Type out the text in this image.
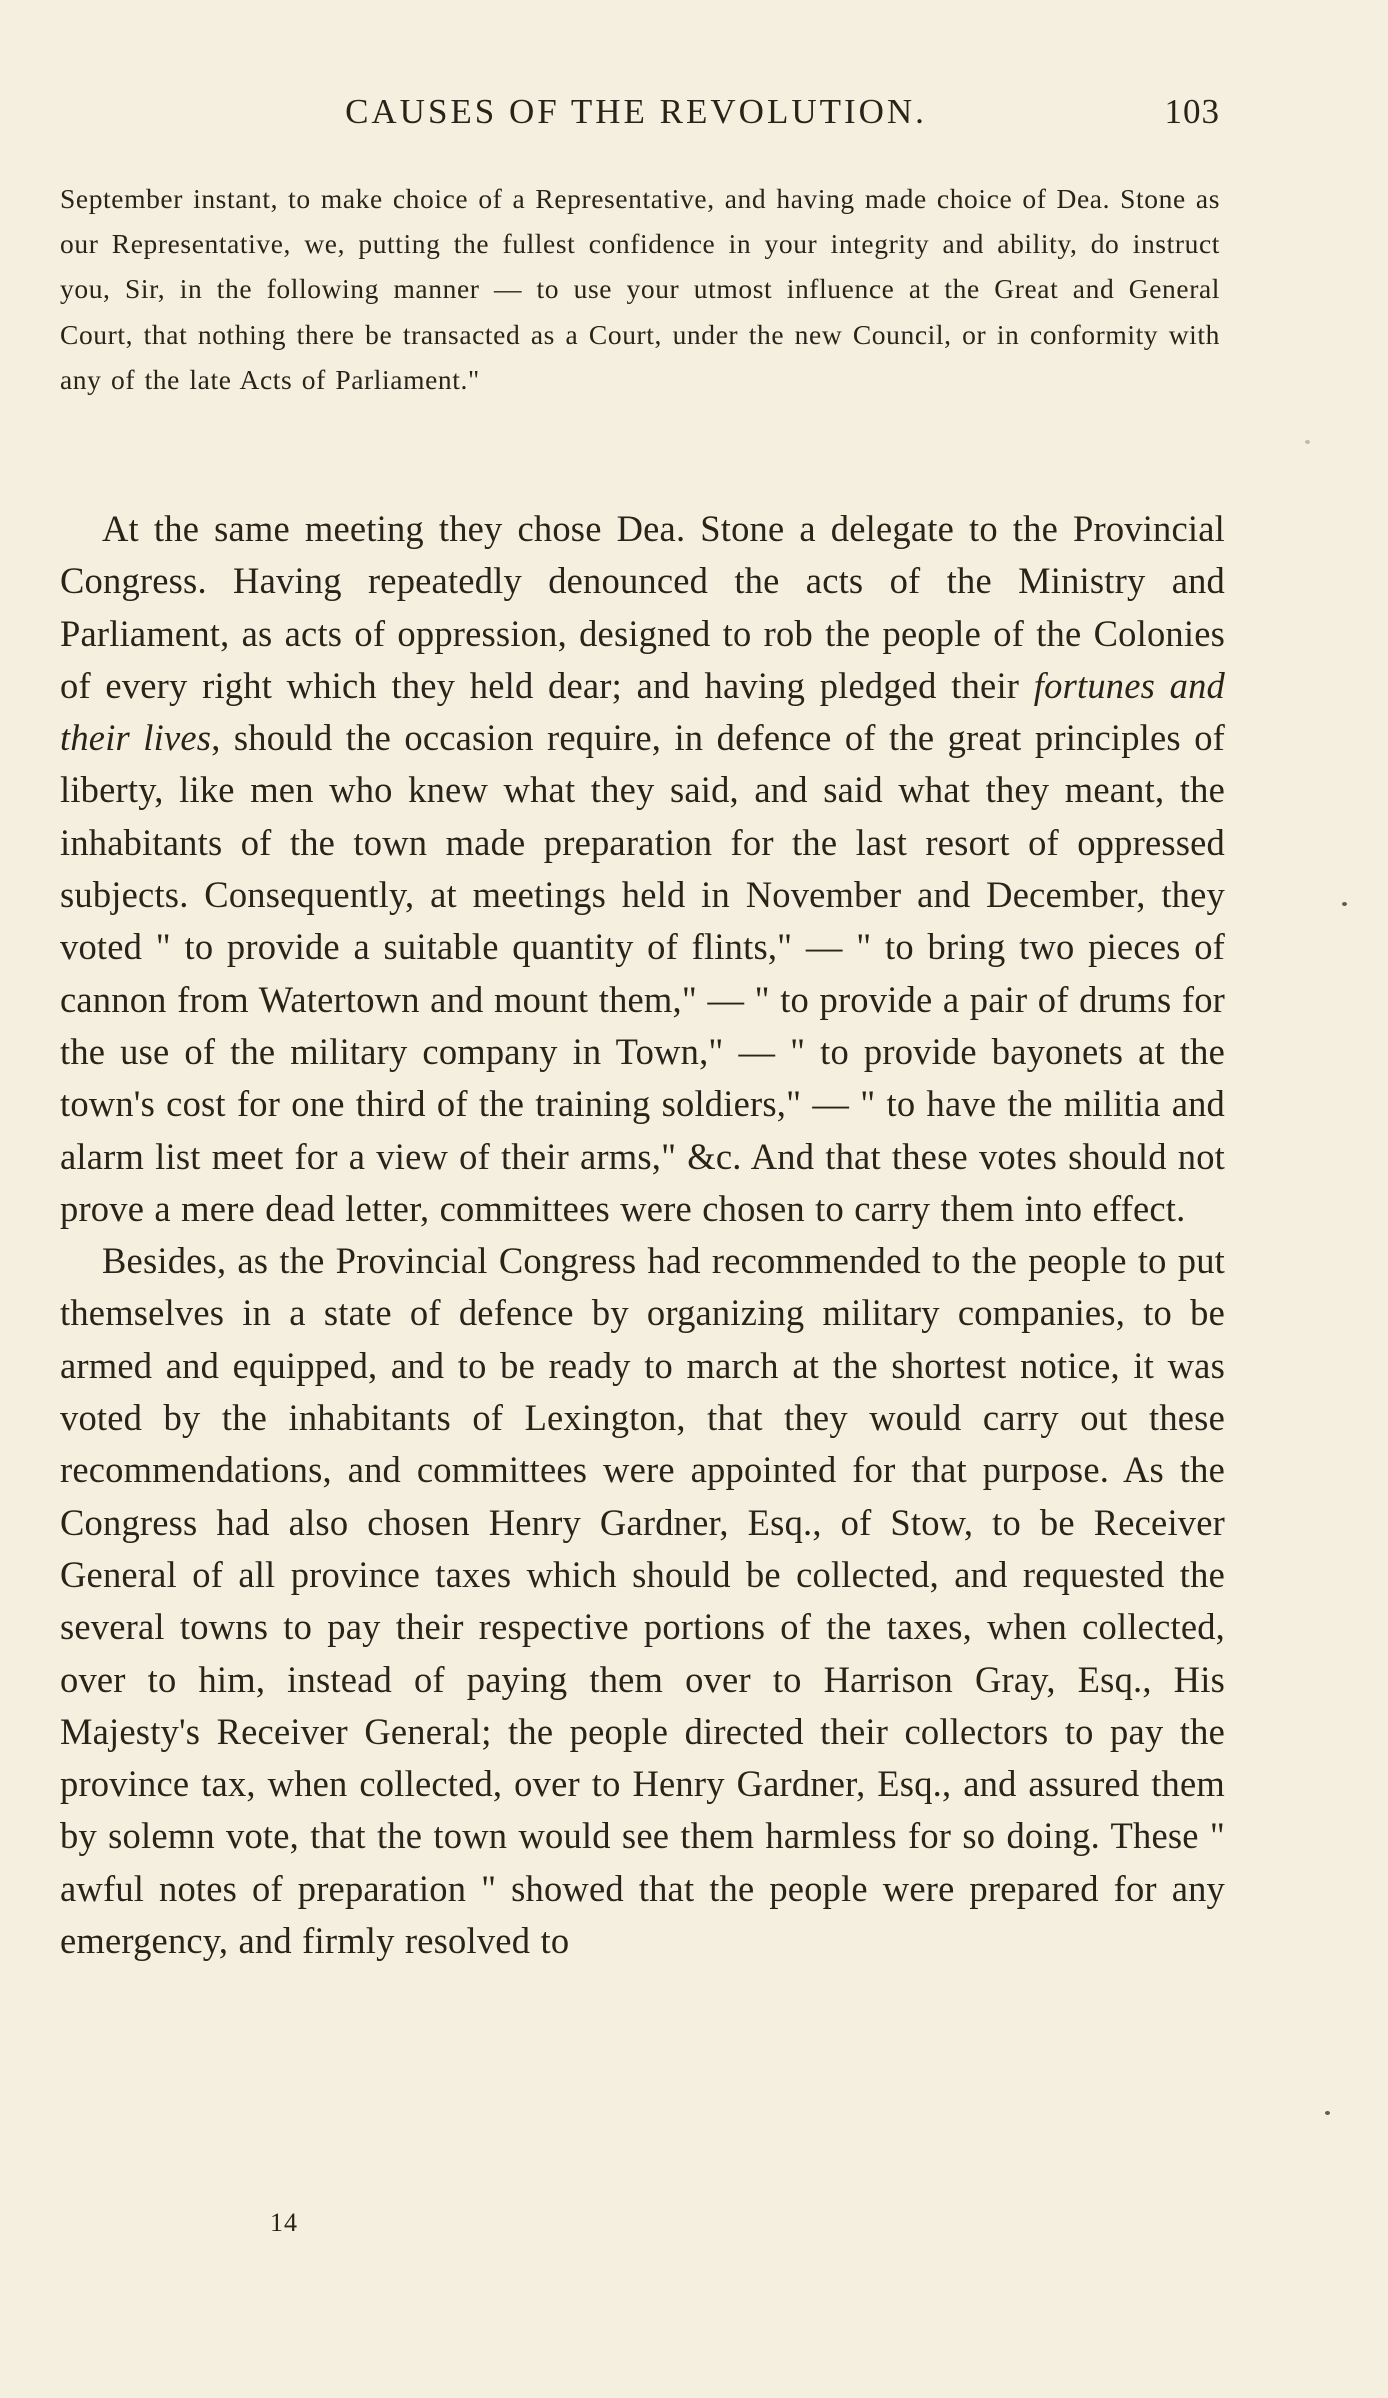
CAUSES OF THE REVOLUTION.	103

September instant, to make choice of a Representative, and having made choice of Dea. Stone as our Representative, we, putting the fullest confidence in your integrity and ability, do instruct you, Sir, in the following manner — to use your utmost influence at the Great and General Court, that nothing there be transacted as a Court, under the new Council, or in conformity with any of the late Acts of Parliament."

At the same meeting they chose Dea. Stone a delegate to the Provincial Congress. Having repeatedly denounced the acts of the Ministry and Parliament, as acts of oppression, designed to rob the people of the Colonies of every right which they held dear; and having pledged their fortunes and their lives, should the occasion require, in defence of the great principles of liberty, like men who knew what they said, and said what they meant, the inhabitants of the town made preparation for the last resort of oppressed subjects. Consequently, at meetings held in November and December, they voted " to provide a suitable quantity of flints," — " to bring two pieces of cannon from Watertown and mount them," — " to provide a pair of drums for the use of the military company in Town," — " to provide bayonets at the town's cost for one third of the training soldiers," — " to have the militia and alarm list meet for a view of their arms," &c. And that these votes should not prove a mere dead letter, committees were chosen to carry them into effect.

Besides, as the Provincial Congress had recommended to the people to put themselves in a state of defence by organizing military companies, to be armed and equipped, and to be ready to march at the shortest notice, it was voted by the inhabitants of Lexington, that they would carry out these recommendations, and committees were appointed for that purpose. As the Congress had also chosen Henry Gardner, Esq., of Stow, to be Receiver General of all province taxes which should be collected, and requested the several towns to pay their respective portions of the taxes, when collected, over to him, instead of paying them over to Harrison Gray, Esq., His Majesty's Receiver General; the people directed their collectors to pay the province tax, when collected, over to Henry Gardner, Esq., and assured them by solemn vote, that the town would see them harmless for so doing. These " awful notes of preparation " showed that the people were prepared for any emergency, and firmly resolved to

14
